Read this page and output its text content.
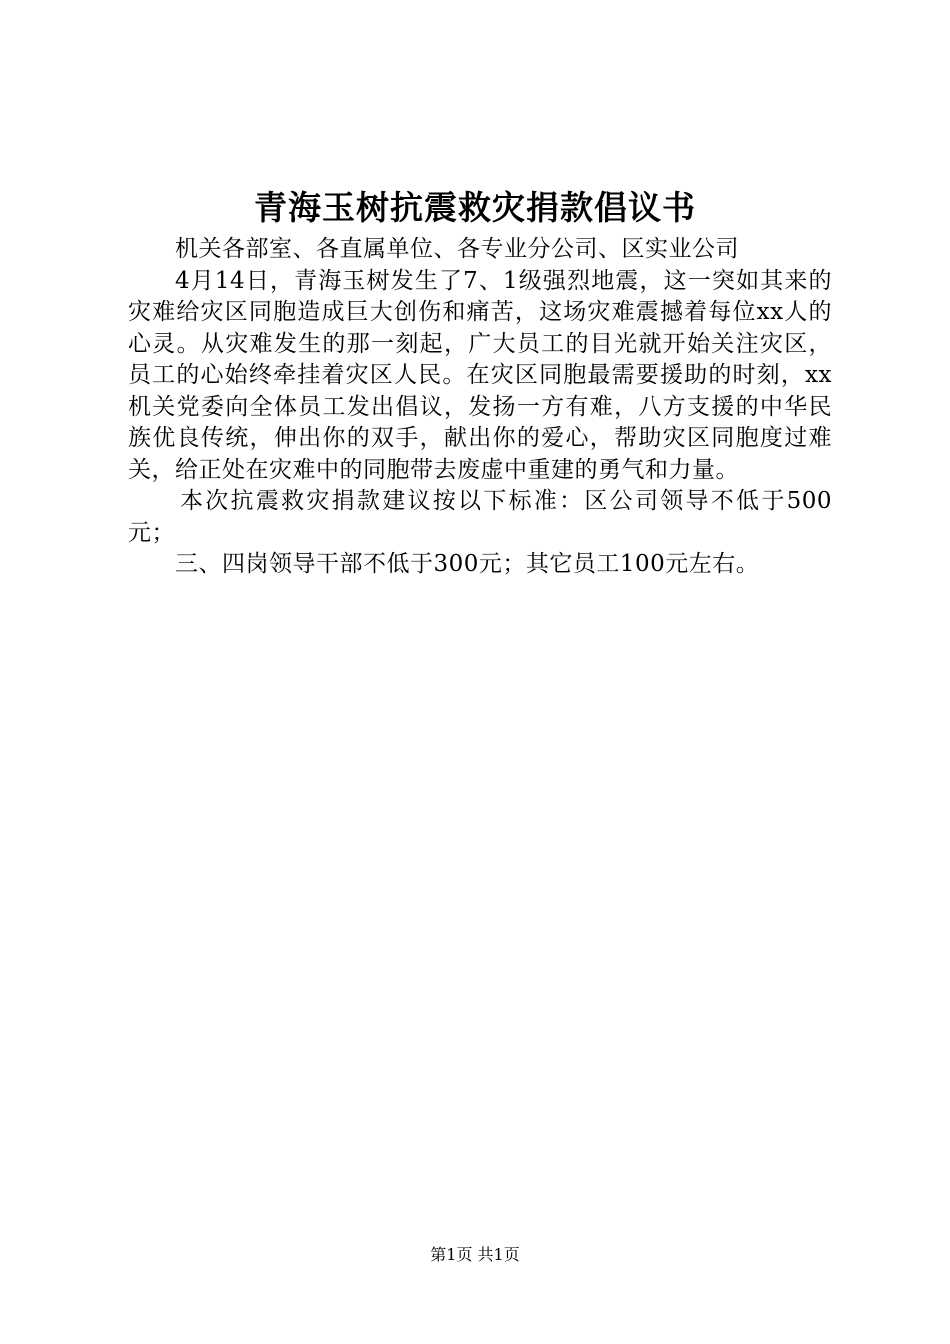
青海玉树抗震救灾捐款倡议书

机关各部室、各直属单位、各专业分公司、区实业公司

4月14日，青海玉树发生了7、1级强烈地震，这一突如其来的灾难给灾区同胞造成巨大创伤和痛苦，这场灾难震撼着每位xx人的心灵。从灾难发生的那一刻起，广大员工的目光就开始关注灾区，员工的心始终牵挂着灾区人民。在灾区同胞最需要援助的时刻，xx机关党委向全体员工发出倡议，发扬一方有难，八方支援的中华民族优良传统，伸出你的双手，献出你的爱心，帮助灾区同胞度过难关，给正处在灾难中的同胞带去废虚中重建的勇气和力量。

本次抗震救灾捐款建议按以下标准：区公司领导不低于500元；

三、四岗领导干部不低于300元；其它员工100元左右。

第1页 共1页
